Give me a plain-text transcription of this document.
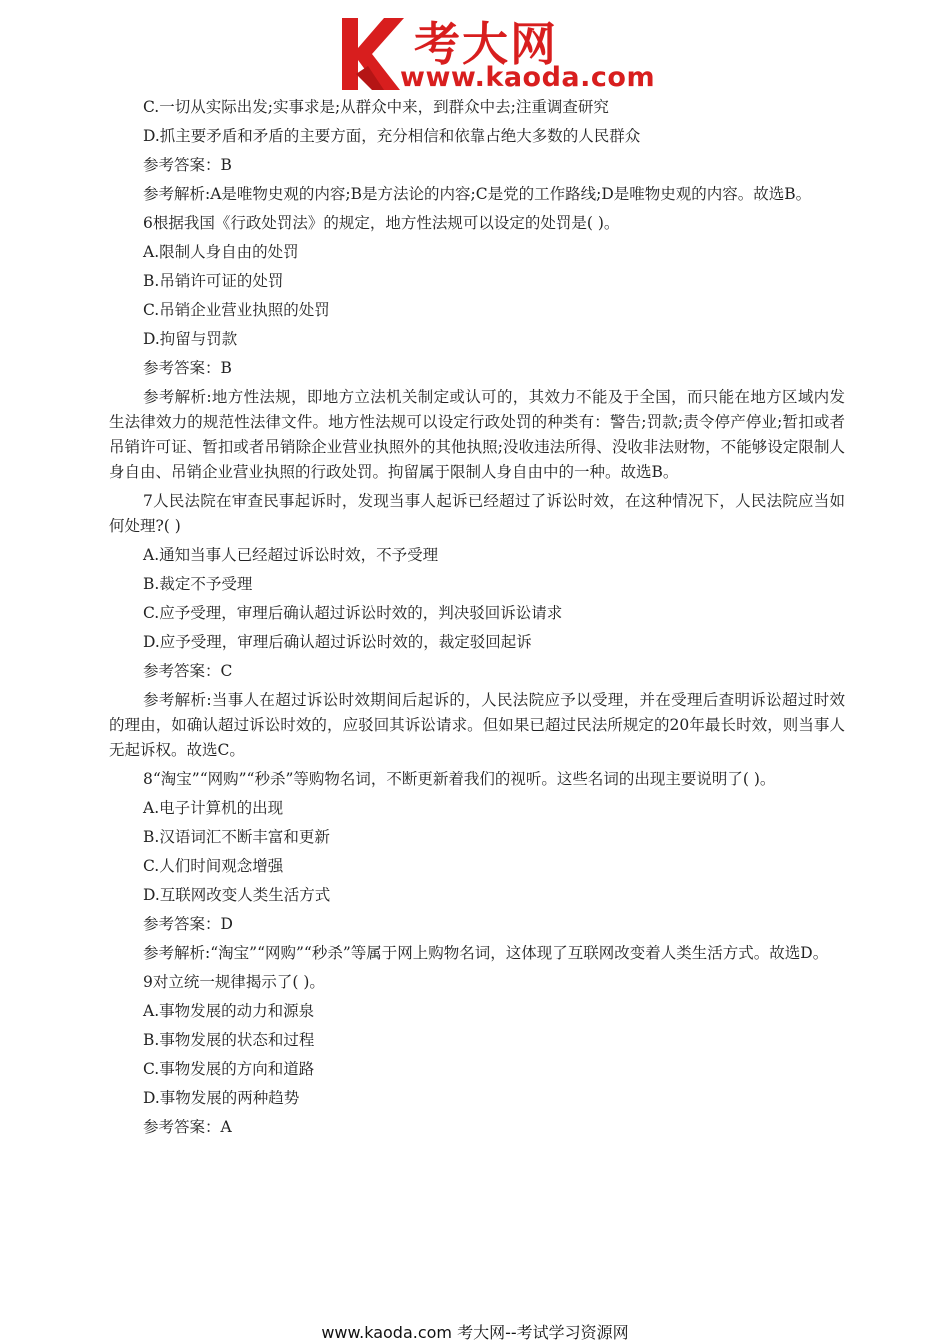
考大网
www.kaoda.com

C.一切从实际出发;实事求是;从群众中来，到群众中去;注重调查研究

D.抓主要矛盾和矛盾的主要方面，充分相信和依靠占绝大多数的人民群众

参考答案：B

参考解析:A是唯物史观的内容;B是方法论的内容;C是党的工作路线;D是唯物史观的内容。故选B。

6根据我国《行政处罚法》的规定，地方性法规可以设定的处罚是( )。

A.限制人身自由的处罚

B.吊销许可证的处罚

C.吊销企业营业执照的处罚

D.拘留与罚款

参考答案：B

参考解析:地方性法规，即地方立法机关制定或认可的，其效力不能及于全国，而只能在地方区域内发生法律效力的规范性法律文件。地方性法规可以设定行政处罚的种类有：警告;罚款;责令停产停业;暂扣或者吊销许可证、暂扣或者吊销除企业营业执照外的其他执照;没收违法所得、没收非法财物，不能够设定限制人身自由、吊销企业营业执照的行政处罚。拘留属于限制人身自由中的一种。故选B。

7人民法院在审查民事起诉时，发现当事人起诉已经超过了诉讼时效，在这种情况下，人民法院应当如何处理?( )

A.通知当事人已经超过诉讼时效，不予受理

B.裁定不予受理

C.应予受理，审理后确认超过诉讼时效的，判决驳回诉讼请求

D.应予受理，审理后确认超过诉讼时效的，裁定驳回起诉

参考答案：C

参考解析:当事人在超过诉讼时效期间后起诉的，人民法院应予以受理，并在受理后查明诉讼超过时效的理由，如确认超过诉讼时效的，应驳回其诉讼请求。但如果已超过民法所规定的20年最长时效，则当事人无起诉权。故选C。

8“淘宝”“网购”“秒杀”等购物名词，不断更新着我们的视听。这些名词的出现主要说明了( )。

A.电子计算机的出现

B.汉语词汇不断丰富和更新

C.人们时间观念增强

D.互联网改变人类生活方式

参考答案：D

参考解析:“淘宝”“网购”“秒杀”等属于网上购物名词，这体现了互联网改变着人类生活方式。故选D。

9对立统一规律揭示了( )。

A.事物发展的动力和源泉

B.事物发展的状态和过程

C.事物发展的方向和道路

D.事物发展的两种趋势

参考答案：A

www.kaoda.com 考大网--考试学习资源网
